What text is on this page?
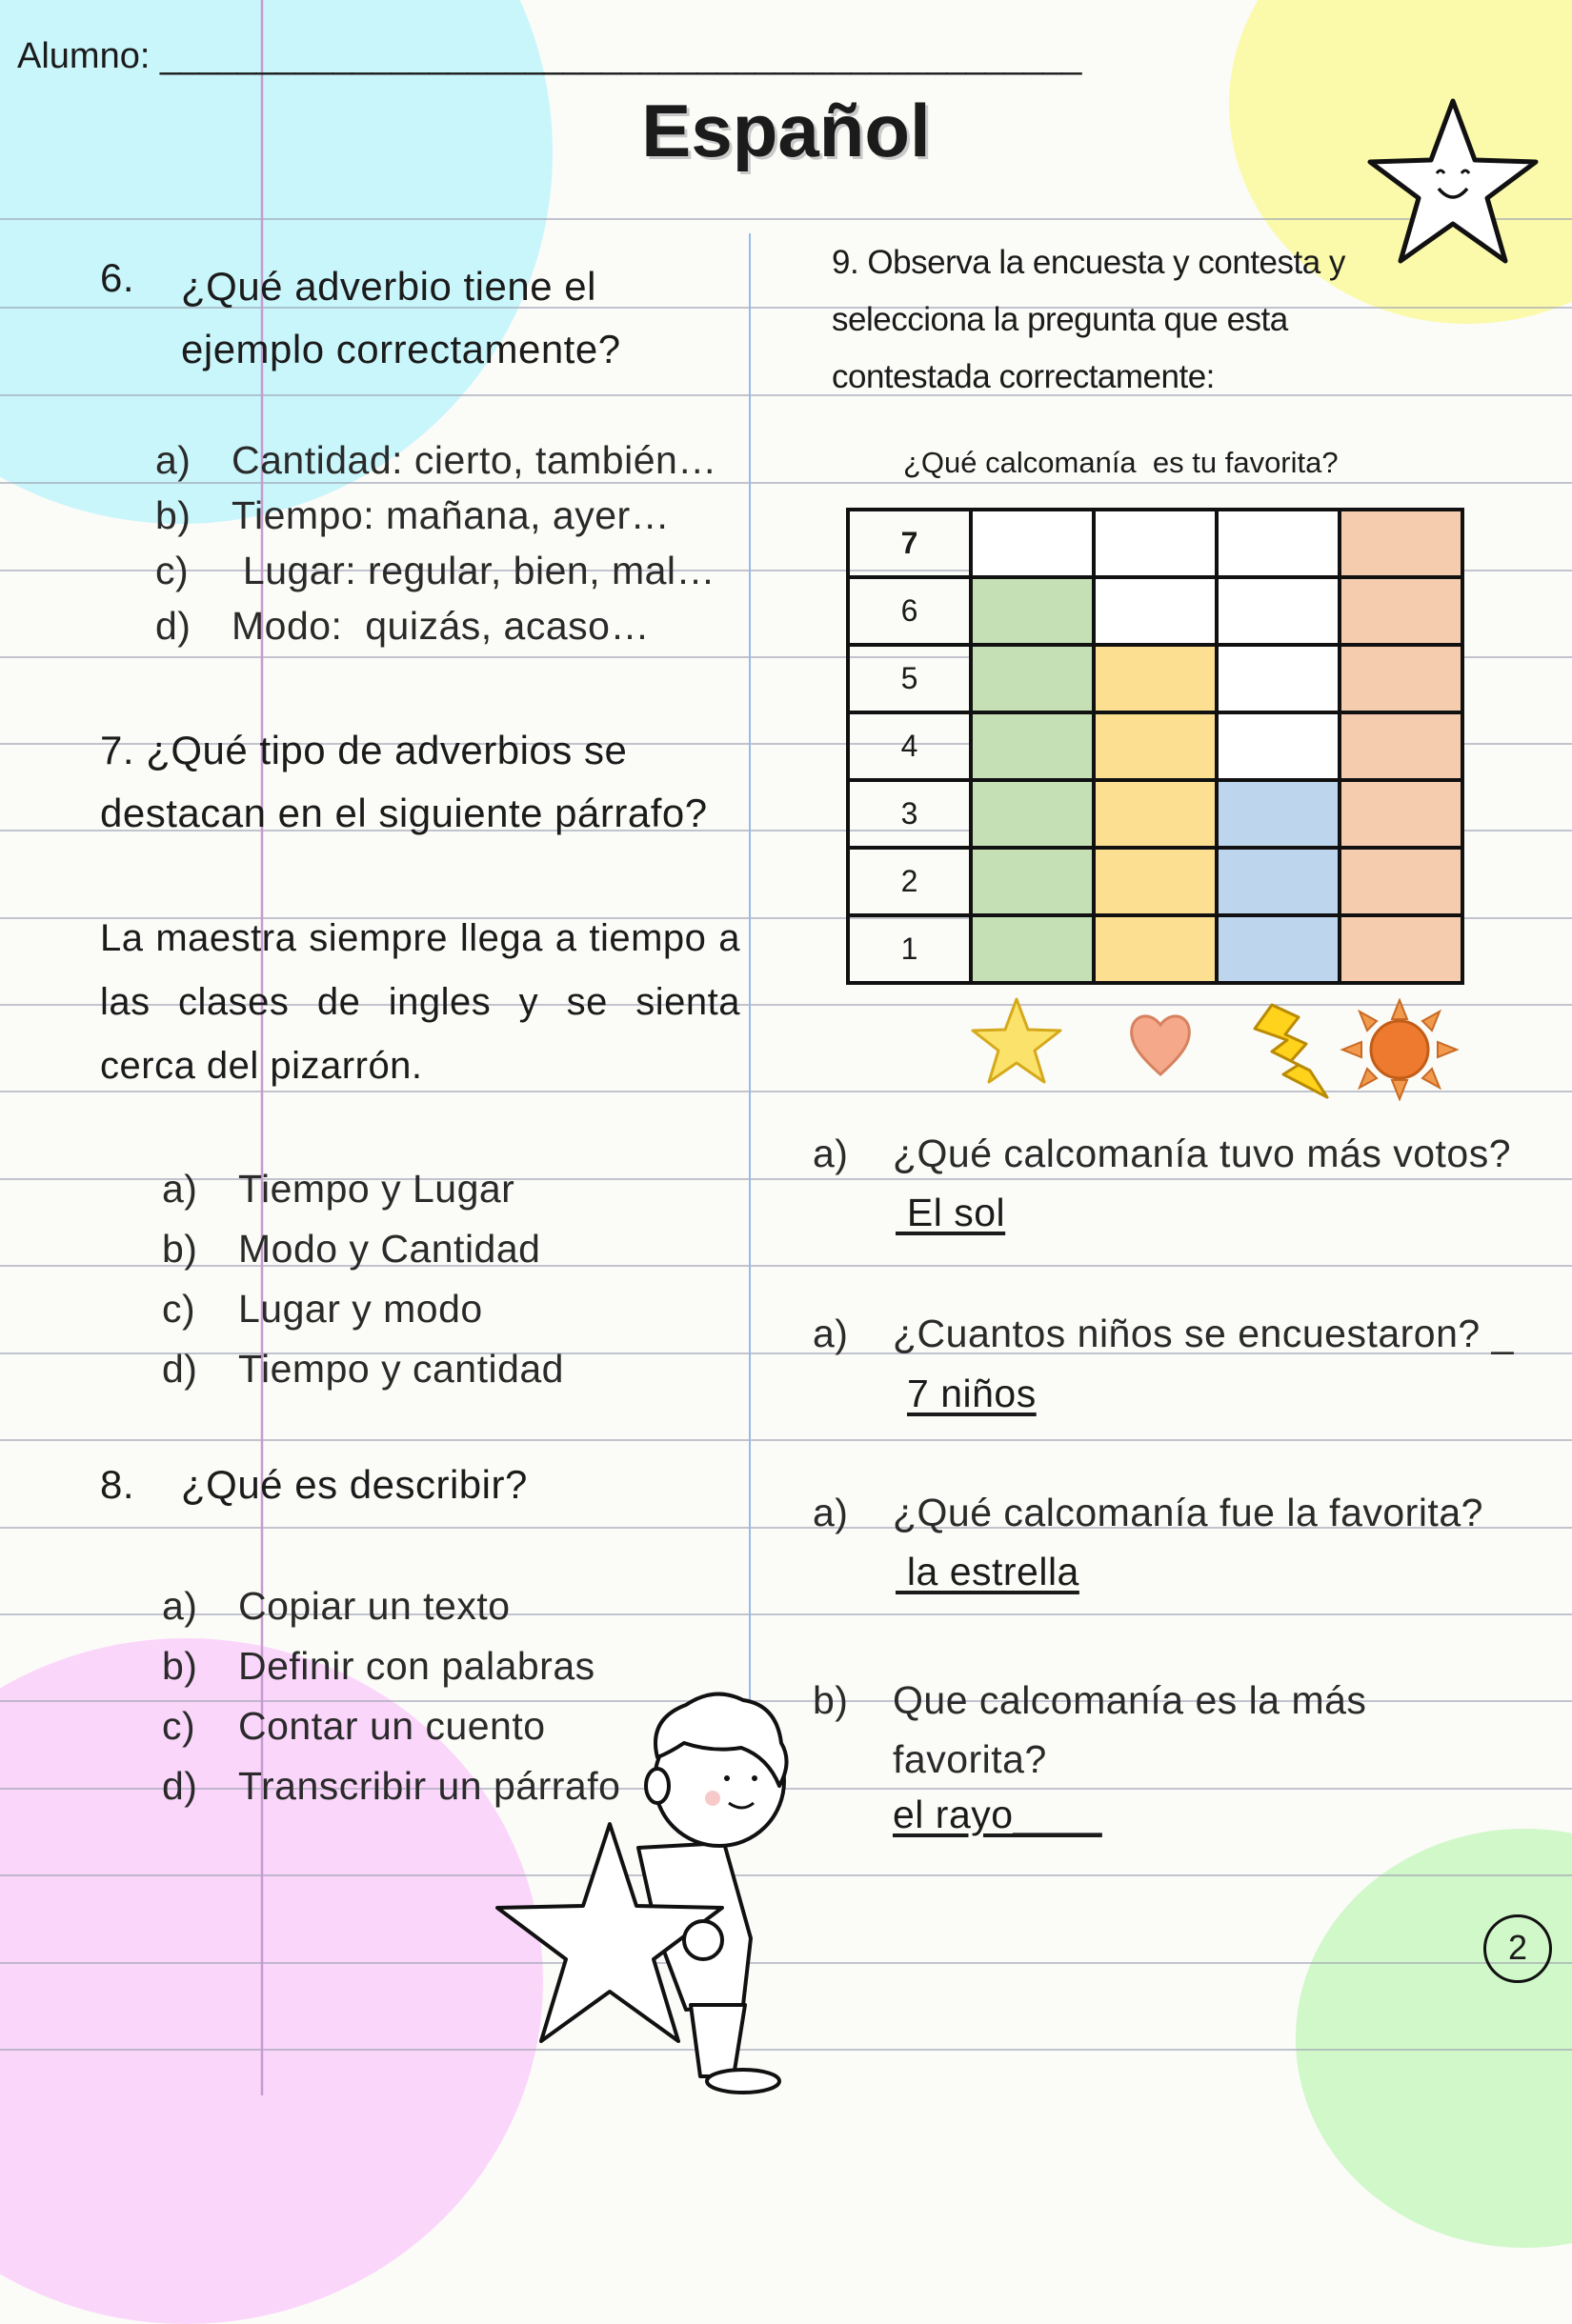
Alumno: ________________________________________________
Español
6. ¿Qué adverbio tiene el ejemplo correctamente?
a) Cantidad: cierto, también…
b) Tiempo: mañana, ayer…
c) Lugar: regular, bien, mal…
d) Modo:  quizás, acaso…
7. ¿Qué tipo de adverbios se destacan en el siguiente párrafo?
La maestra siempre llega a tiempo a las clases de ingles y se sienta cerca del pizarrón.
a) Tiempo y Lugar
b) Modo y Cantidad
c) Lugar y modo
d) Tiempo y cantidad
8. ¿Qué es describir?
a) Copiar un texto
b) Definir con palabras
c) Contar un cuento
d) Transcribir un párrafo
9. Observa la encuesta y contesta y
selecciona la pregunta que esta
contestada correctamente:
¿Qué calcomanía  es tu favorita?
7				
6				
5				
4				
3				
2				
1				
a) ¿Qué calcomanía tuvo más votos?
El sol
a) ¿Cuantos niños se encuestaron? _
7 niños
a) ¿Qué calcomanía fue la favorita?
la estrella
b) Que calcomanía es la más
favorita?
el rayo____
2
